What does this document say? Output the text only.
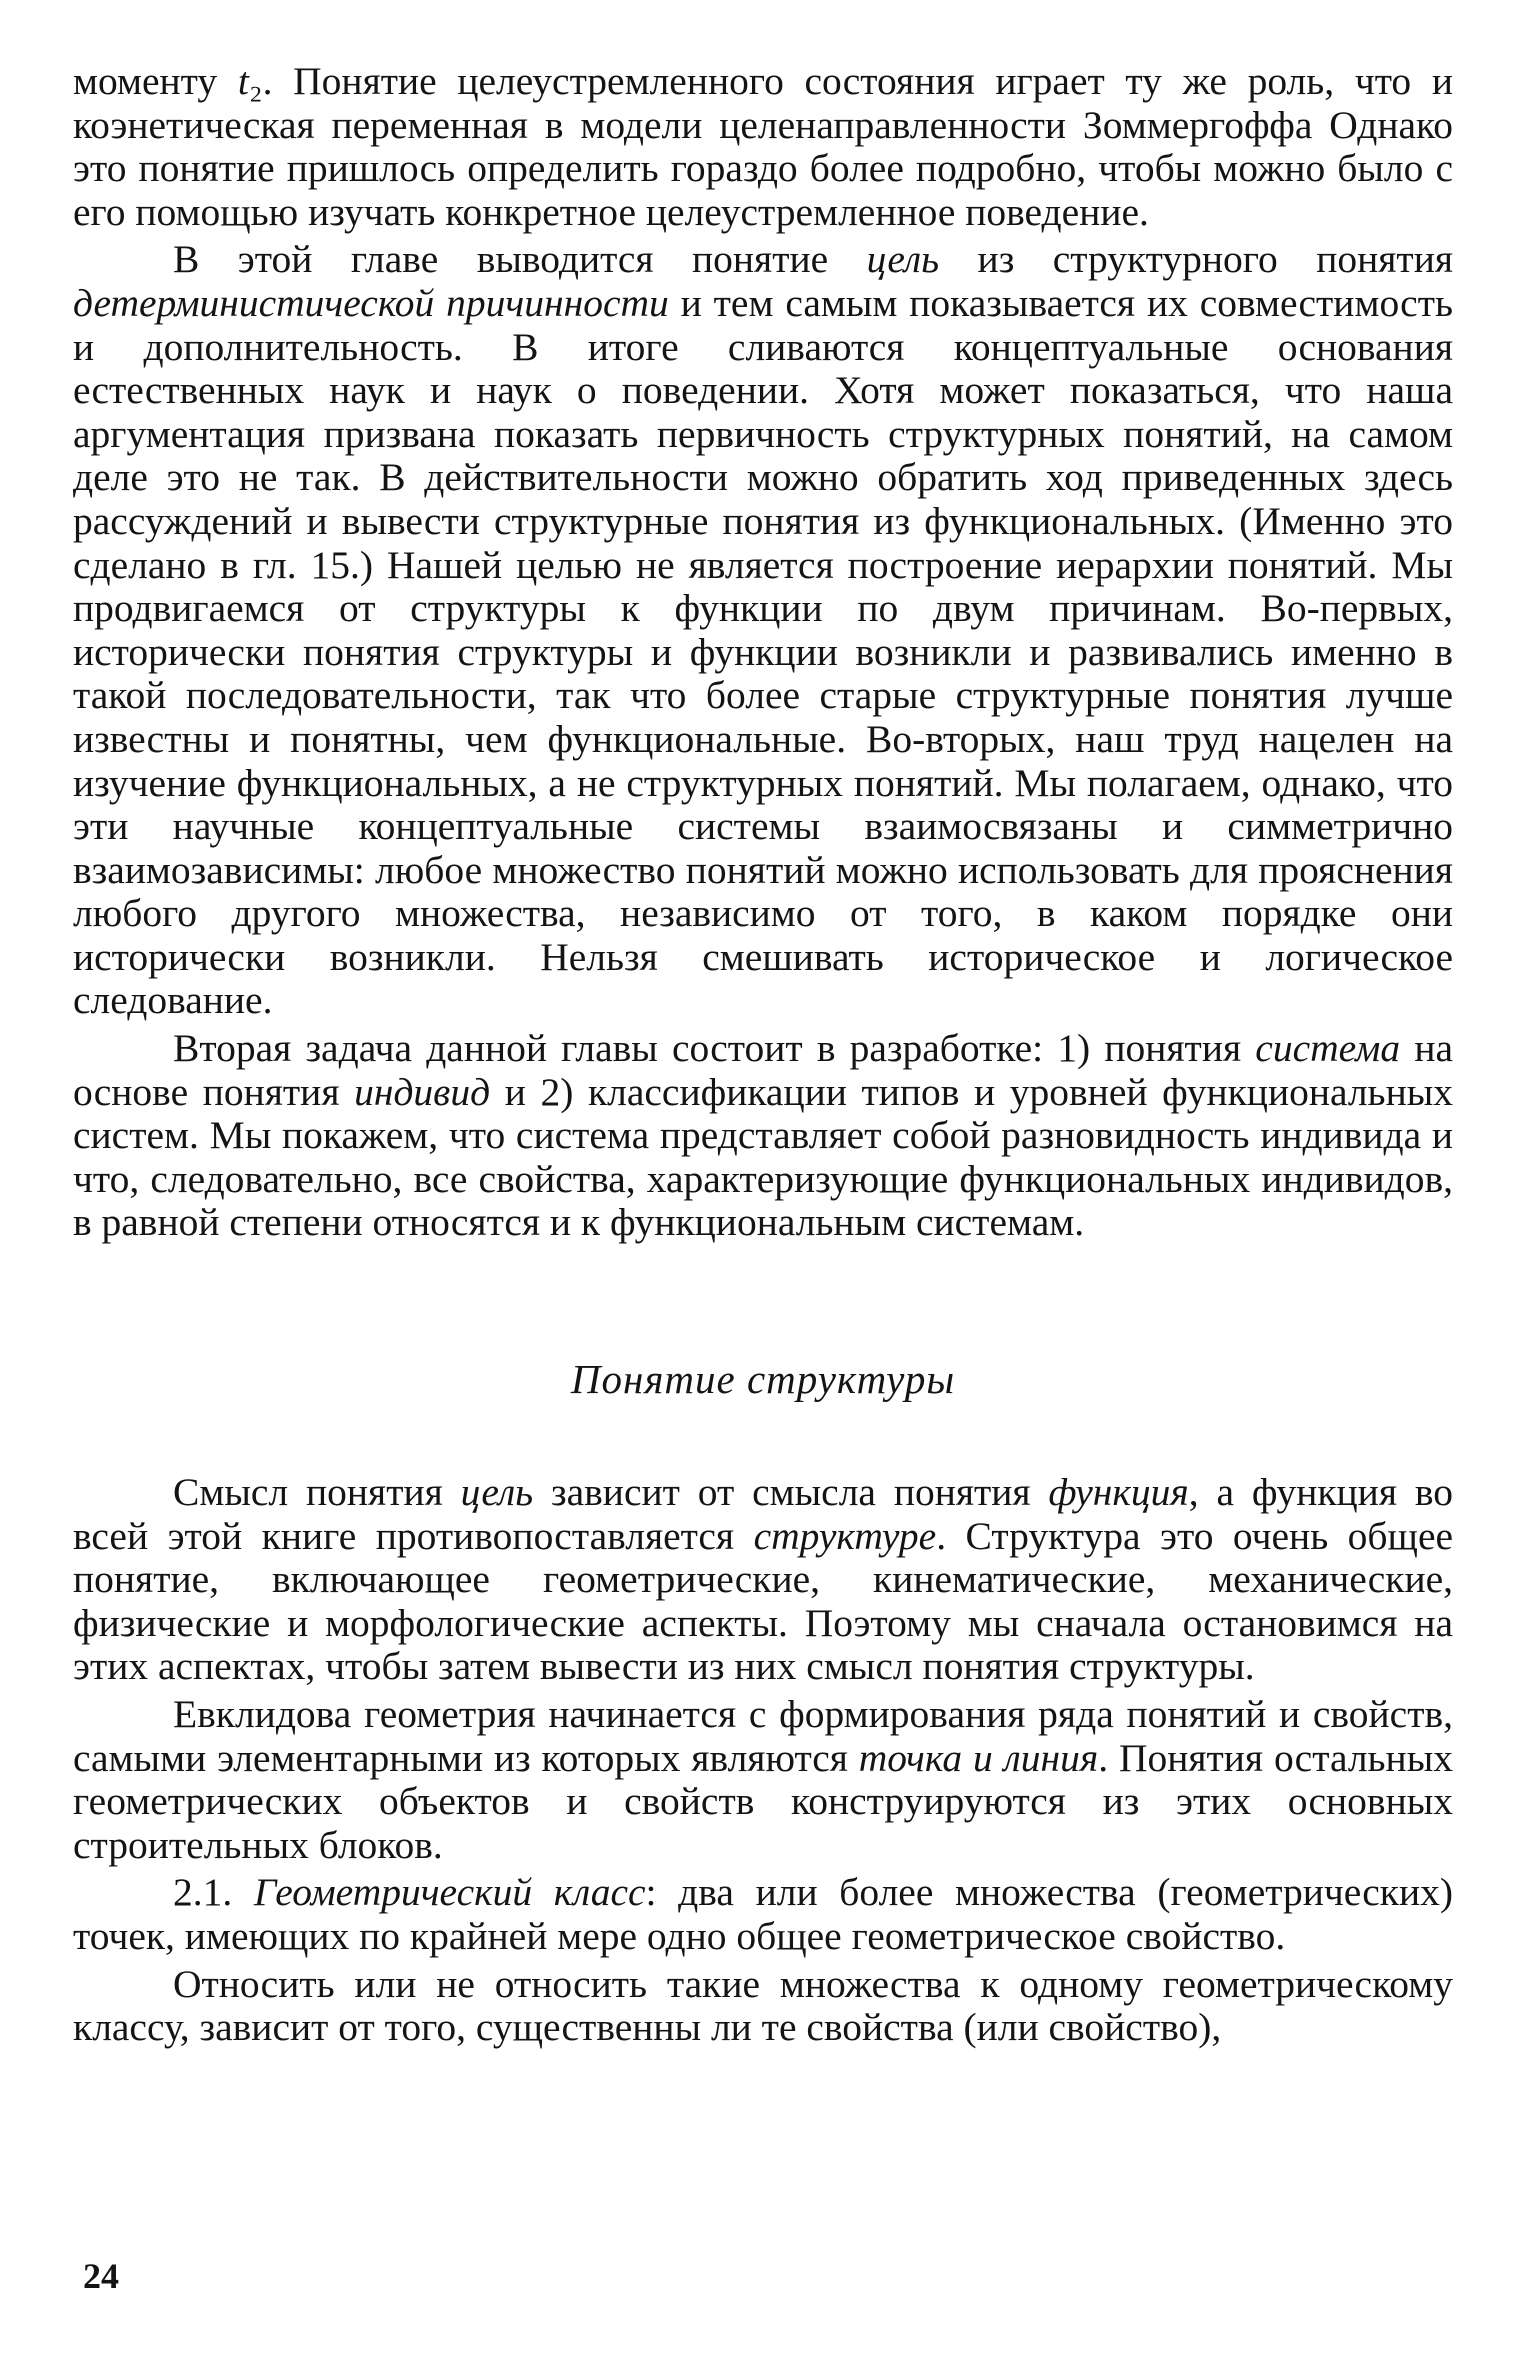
моменту t₂. Понятие целеустремленного состояния играет ту же роль, что и коэнетическая переменная в модели целенаправленности Зоммергоффа Однако это понятие пришлось определить гораздо более подробно, чтобы можно было с его помощью изучать конкретное целеустремленное поведение.

В этой главе выводится понятие цель из структурного понятия детерминистической причинности и тем самым показывается их совместимость и дополнительность. В итоге сливаются концептуальные основания естественных наук и наук о поведении. Хотя может показаться, что наша аргументация призвана показать первичность структурных понятий, на самом деле это не так. В действительности можно обратить ход приведенных здесь рассуждений и вывести структурные понятия из функциональных. (Именно это сделано в гл. 15.) Нашей целью не является построение иерархии понятий. Мы продвигаемся от структуры к функции по двум причинам. Во-первых, исторически понятия структуры и функции возникли и развивались именно в такой последовательности, так что более старые структурные понятия лучше известны и понятны, чем функциональные. Во-вторых, наш труд нацелен на изучение функциональных, а не структурных понятий. Мы полагаем, однако, что эти научные концептуальные системы взаимосвязаны и симметрично взаимозависимы: любое множество понятий можно использовать для прояснения любого другого множества, независимо от того, в каком порядке они исторически возникли. Нельзя смешивать историческое и логическое следование.

Вторая задача данной главы состоит в разработке: 1) понятия система на основе понятия индивид и 2) классификации типов и уровней функциональных систем. Мы покажем, что система представляет собой разновидность индивида и что, следовательно, все свойства, характеризующие функциональных индивидов, в равной степени относятся и к функциональным системам.

Понятие структуры

Смысл понятия цель зависит от смысла понятия функция, а функция во всей этой книге противопоставляется структуре. Структура это очень общее понятие, включающее геометрические, кинематические, механические, физические и морфологические аспекты. Поэтому мы сначала остановимся на этих аспектах, чтобы затем вывести из них смысл понятия структуры.

Евклидова геометрия начинается с формирования ряда понятий и свойств, самыми элементарными из которых являются точка и линия. Понятия остальных геометрических объектов и свойств конструируются из этих основных строительных блоков.

2.1. Геометрический класс: два или более множества (геометрических) точек, имеющих по крайней мере одно общее геометрическое свойство.

Относить или не относить такие множества к одному геометрическому классу, зависит от того, существенны ли те свойства (или свойство),

24
